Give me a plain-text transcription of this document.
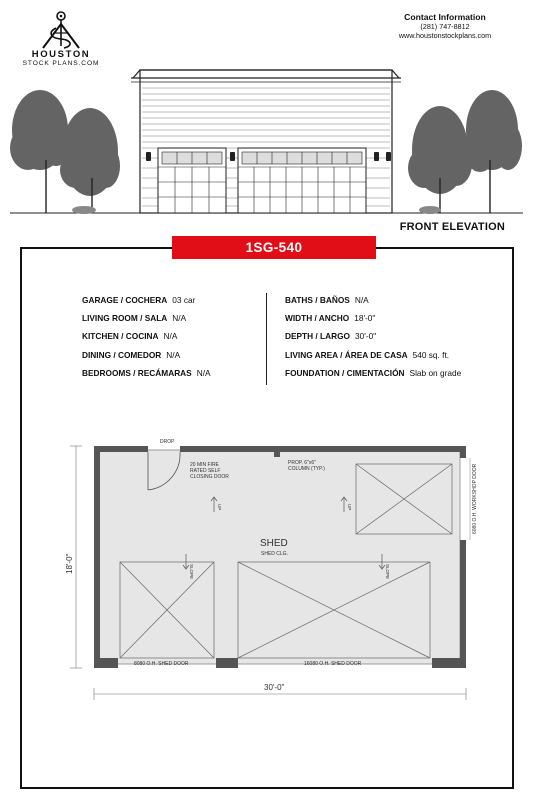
HOUSTON
STOCK PLANS.COM
Contact Information
(281) 747-8812
www.houstonstockplans.com
FRONT ELEVATION
1SG-540
GARAGE / COCHERA 03 car
LIVING ROOM / SALA N/A
KITCHEN / COCINA N/A
DINING / COMEDOR N/A
BEDROOMS / RECÁMARAS N/A
BATHS / BAÑOS N/A
WIDTH / ANCHO 18'-0"
DEPTH / LARGO 30'-0"
LIVING AREA / ÁREA DE CASA 540 sq. ft.
FOUNDATION / CIMENTACIÓN Slab on grade
DROP
20 MIN FIRE
RATED SELF
CLOSING DOOR
PROP. 6"x6"
COLUMN (TYP.)
SHED
SHED CLG.
SLOPE	SLOPE
UP	UP
8080 O.H. SHED DOOR	16080 O.H. SHED DOOR
6080 O.H. WORKSHOP DOOR
30'-0"
18'-0"
